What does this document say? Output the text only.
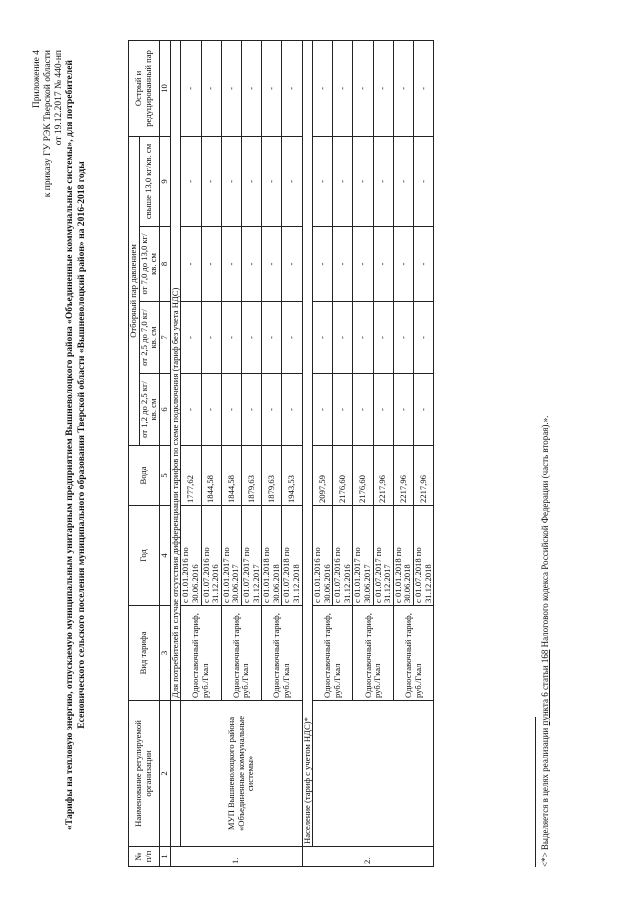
Приложение 4 к приказу ГУ РЭК Тверской области от 19.12.2017 № 440-нп «Тарифы на тепловую энергию, отпускаемую муниципальным унитарным предприятием Вышневолоцкого района «Объединенные коммунальные системы», для потребителей Есеновического сельского поселения муниципального образования Тверской области «Вышневолоцкий район» на 2016-2018 годы
№ п/п	Наименование регулируемой организации	Вид тарифа	Год	Вода	Отборный пар давлением				Острый и редуцированный пар
					от 1,2 до 2,5 кг/кв. см	от 2,5 до 7,0 кг/кв. см	от 7,0 до 13,0 кг/кв. см	свыше 13,0 кг/кв. см	
1	2	3	4	5	6	7	8	9	10
1.		Для потребителей в случае отсутствия дифференциации тарифов по схеме подключения (тариф без учета НДС)							
	МУП Вышневолоцкого района «Объединенные коммунальные системы»	Одноставочный тариф, руб./Гкал	с 01.01.2016 по 30.06.2016	1777,62	-	-	-	-	-
			с 01.07.2016 по 31.12.2016	1844,58	-	-	-	-	-
		Одноставочный тариф, руб./Гкал	с 01.01.2017 по 30.06.2017	1844,58	-	-	-	-	-
			с 01.07.2017 по 31.12.2017	1879,63	-	-	-	-	-
		Одноставочный тариф, руб./Гкал	с 01.01.2018 по 30.06.2018	1879,63	-	-	-	-	-
			с 01.07.2018 по 31.12.2018	1943,53	-	-	-	-	-
2.	Население (тариф с учетом НДС)*								
		Одноставочный тариф, руб./Гкал	с 01.01.2016 по 30.06.2016	2097,59	-	-	-	-	-
			с 01.07.2016 по 31.12.2016	2176,60	-	-	-	-	-
		Одноставочный тариф, руб./Гкал	с 01.01.2017 по 30.06.2017	2176,60	-	-	-	-	-
			с 01.07.2017 по 31.12.2017	2217,96	-	-	-	-	-
		Одноставочный тариф, руб./Гкал	с 01.01.2018 по 30.06.2018	2217,96	-	-	-	-	-
			с 01.07.2018 по 31.12.2018	2217,96	-	-	-	-	-
<*> Выделяется в целях реализации пункта 6 статьи 168 Налогового кодекса Российской Федерации (часть вторая).».
